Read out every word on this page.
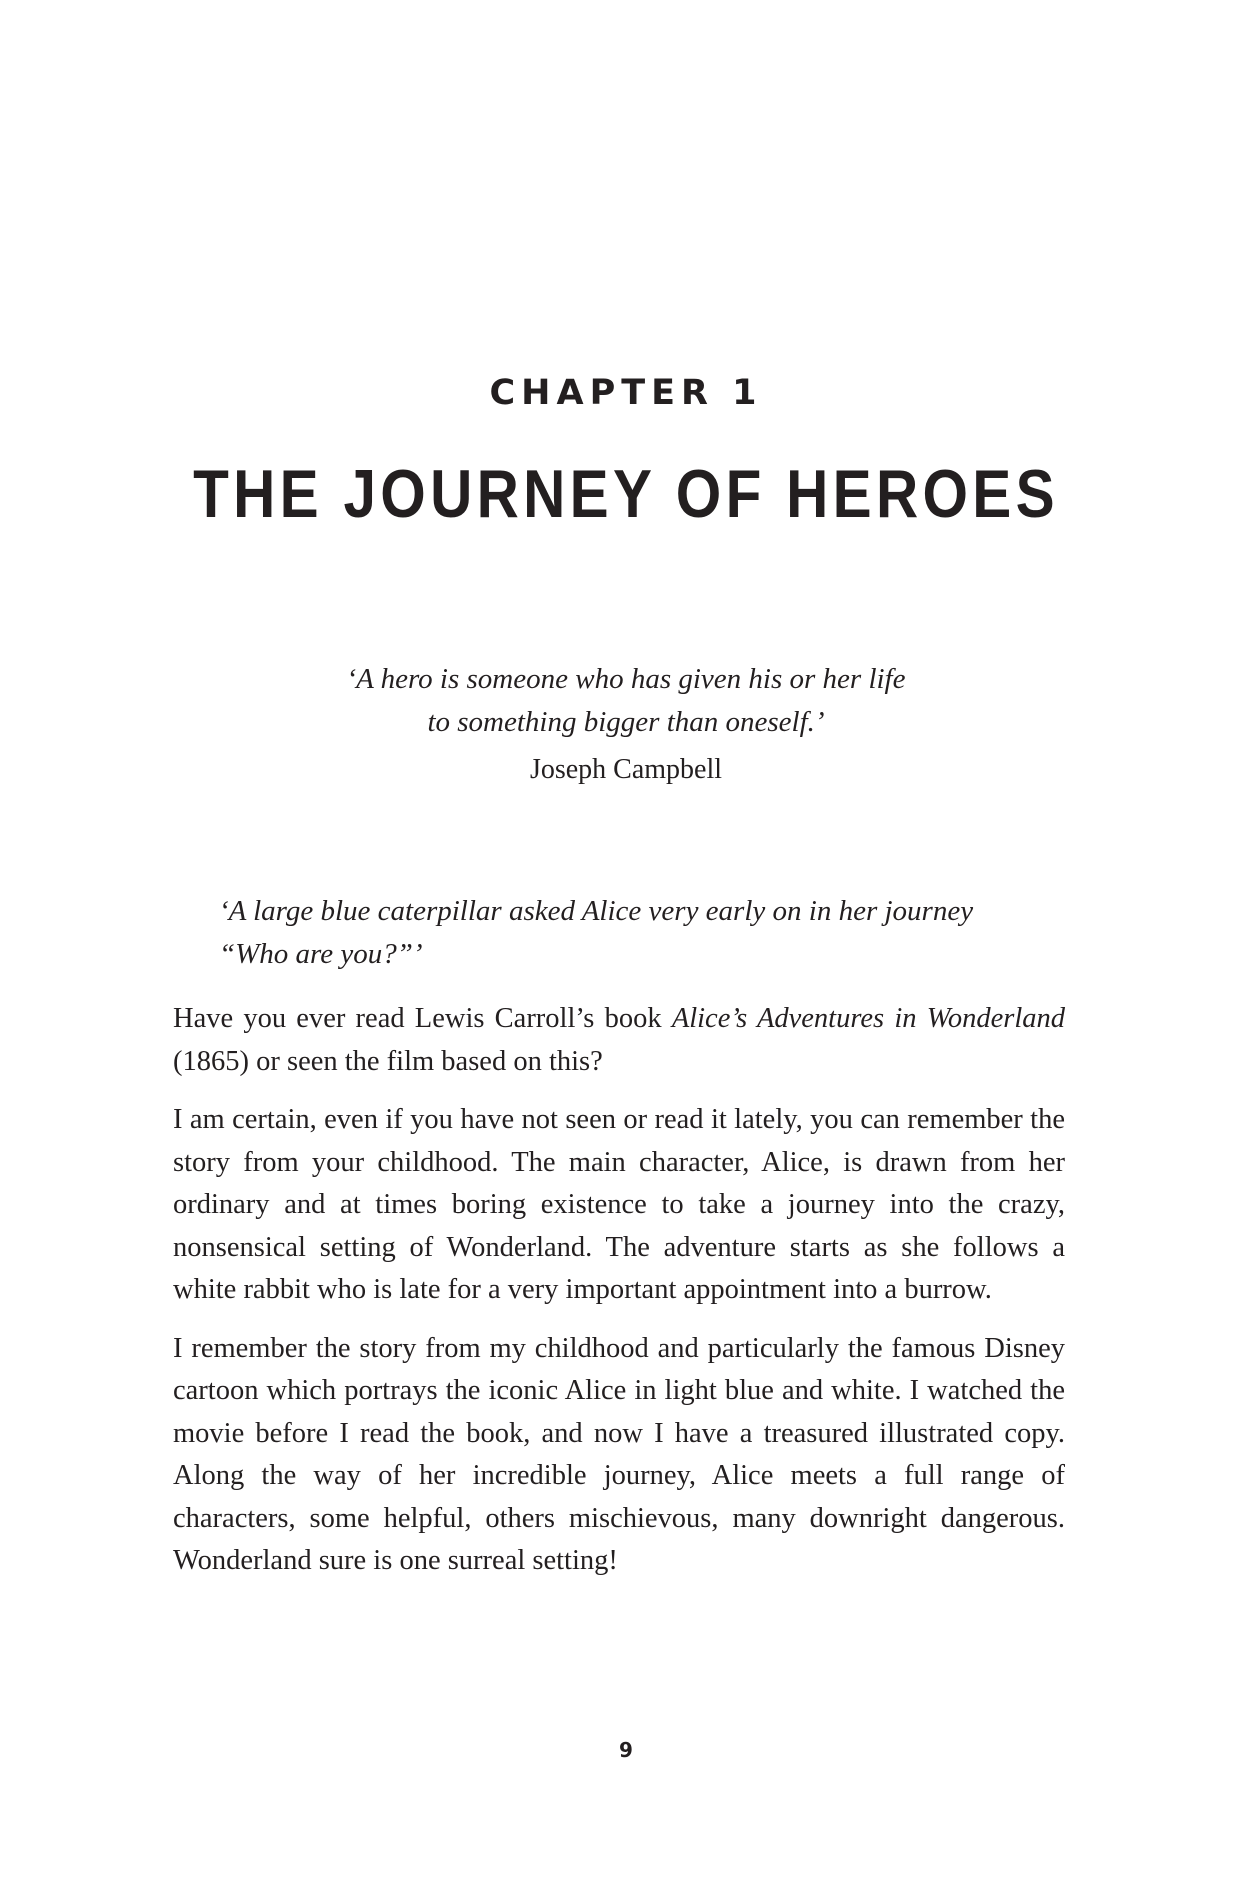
CHAPTER 1
THE JOURNEY OF HEROES

‘A hero is someone who has given his or her life
to something bigger than oneself.’

Joseph Campbell

‘A large blue caterpillar asked Alice very early on in her journey
“Who are you?”’

Have you ever read Lewis Carroll’s book Alice’s Adventures in Wonderland (1865) or seen the film based on this?

I am certain, even if you have not seen or read it lately, you can remember the story from your childhood. The main character, Alice, is drawn from her ordinary and at times boring existence to take a journey into the crazy, nonsensical setting of Wonderland. The adventure starts as she follows a white rabbit who is late for a very important appointment into a burrow.

I remember the story from my childhood and particularly the famous Disney cartoon which portrays the iconic Alice in light blue and white. I watched the movie before I read the book, and now I have a treasured illustrated copy. Along the way of her incredible journey, Alice meets a full range of characters, some helpful, others mischievous, many downright dangerous. Wonderland sure is one surreal setting!

9
